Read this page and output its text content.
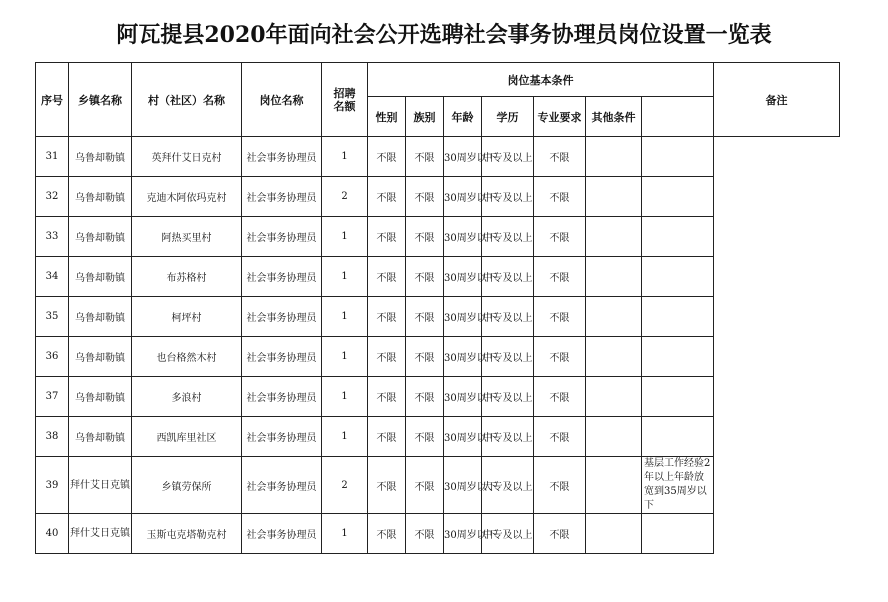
阿瓦提县2020年面向社会公开选聘社会事务协理员岗位设置一览表
序号	乡镇名称	村（社区）名称	岗位名称	招聘名额	岗位基本条件							备注
					性别	族别	年龄	学历	专业要求	其他条件		
31	乌鲁却勒镇	英拜什艾日克村	社会事务协理员	1	不限	不限	30周岁以下	中专及以上	不限			
32	乌鲁却勒镇	克迪木阿依玛克村	社会事务协理员	2	不限	不限	30周岁以下	中专及以上	不限			
33	乌鲁却勒镇	阿热买里村	社会事务协理员	1	不限	不限	30周岁以下	中专及以上	不限			
34	乌鲁却勒镇	布苏格村	社会事务协理员	1	不限	不限	30周岁以下	中专及以上	不限			
35	乌鲁却勒镇	柯坪村	社会事务协理员	1	不限	不限	30周岁以下	中专及以上	不限			
36	乌鲁却勒镇	也台格然木村	社会事务协理员	1	不限	不限	30周岁以下	中专及以上	不限			
37	乌鲁却勒镇	多浪村	社会事务协理员	1	不限	不限	30周岁以下	中专及以上	不限			
38	乌鲁却勒镇	西凯库里社区	社会事务协理员	1	不限	不限	30周岁以下	中专及以上	不限			
39	拜什艾日克镇	乡镇劳保所	社会事务协理员	2	不限	不限	30周岁以下	大专及以上	不限		基层工作经验2年以上年龄放宽到35周岁以下	
40	拜什艾日克镇	玉斯屯克塔勒克村	社会事务协理员	1	不限	不限	30周岁以下	中专及以上	不限			
